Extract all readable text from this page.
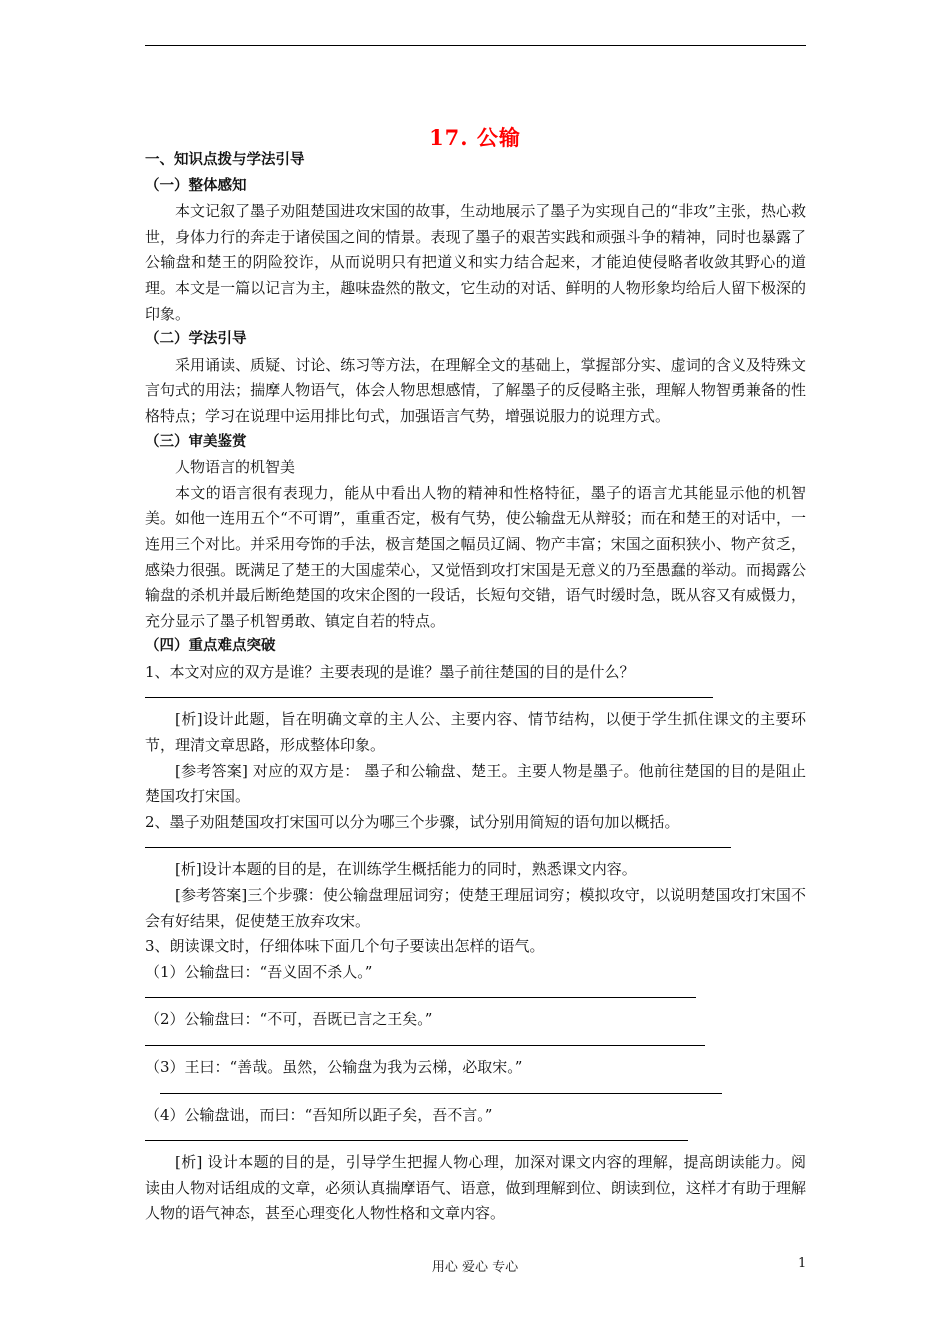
17. 公输
一、知识点拨与学法引导
（一）整体感知
本文记叙了墨子劝阻楚国进攻宋国的故事，生动地展示了墨子为实现自己的“非攻”主张，热心救世，身体力行的奔走于诸侯国之间的情景。表现了墨子的艰苦实践和顽强斗争的精神，同时也暴露了公输盘和楚王的阴险狡诈，从而说明只有把道义和实力结合起来，才能迫使侵略者收敛其野心的道理。本文是一篇以记言为主，趣味盎然的散文，它生动的对话、鲜明的人物形象均给后人留下极深的印象。
（二）学法引导
采用诵读、质疑、讨论、练习等方法，在理解全文的基础上，掌握部分实、虚词的含义及特殊文言句式的用法；揣摩人物语气，体会人物思想感情，了解墨子的反侵略主张，理解人物智勇兼备的性格特点；学习在说理中运用排比句式，加强语言气势，增强说服力的说理方式。
（三）审美鉴赏
人物语言的机智美
本文的语言很有表现力，能从中看出人物的精神和性格特征，墨子的语言尤其能显示他的机智美。如他一连用五个“不可谓”，重重否定，极有气势，使公输盘无从辩驳；而在和楚王的对话中，一连用三个对比。并采用夸饰的手法，极言楚国之幅员辽阔、物产丰富；宋国之面积狭小、物产贫乏，感染力很强。既满足了楚王的大国虚荣心，又觉悟到攻打宋国是无意义的乃至愚蠢的举动。而揭露公输盘的杀机并最后断绝楚国的攻宋企图的一段话，长短句交错，语气时缓时急，既从容又有威慑力，充分显示了墨子机智勇敢、镇定自若的特点。
（四）重点难点突破
1、本文对应的双方是谁？主要表现的是谁？墨子前往楚国的目的是什么？
[析]设计此题，旨在明确文章的主人公、主要内容、情节结构，以便于学生抓住课文的主要环节，理清文章思路，形成整体印象。
[参考答案] 对应的双方是： 墨子和公输盘、楚王。主要人物是墨子。他前往楚国的目的是阻止楚国攻打宋国。
2、墨子劝阻楚国攻打宋国可以分为哪三个步骤，试分别用简短的语句加以概括。
[析]设计本题的目的是，在训练学生概括能力的同时，熟悉课文内容。
[参考答案]三个步骤：使公输盘理屈词穷；使楚王理屈词穷；模拟攻守，以说明楚国攻打宋国不会有好结果，促使楚王放弃攻宋。
3、朗读课文时，仔细体味下面几个句子要读出怎样的语气。
（1）公输盘曰：“吾义固不杀人。”
（2）公输盘曰：“不可，吾既已言之王矣。”
（3）王曰：“善哉。虽然，公输盘为我为云梯，必取宋。”
（4）公输盘诎，而曰：“吾知所以距子矣，吾不言。”
[析] 设计本题的目的是，引导学生把握人物心理，加深对课文内容的理解，提高朗读能力。阅读由人物对话组成的文章，必须认真揣摩语气、语意，做到理解到位、朗读到位，这样才有助于理解人物的语气神态，甚至心理变化人物性格和文章内容。
用心 爱心 专心	1
